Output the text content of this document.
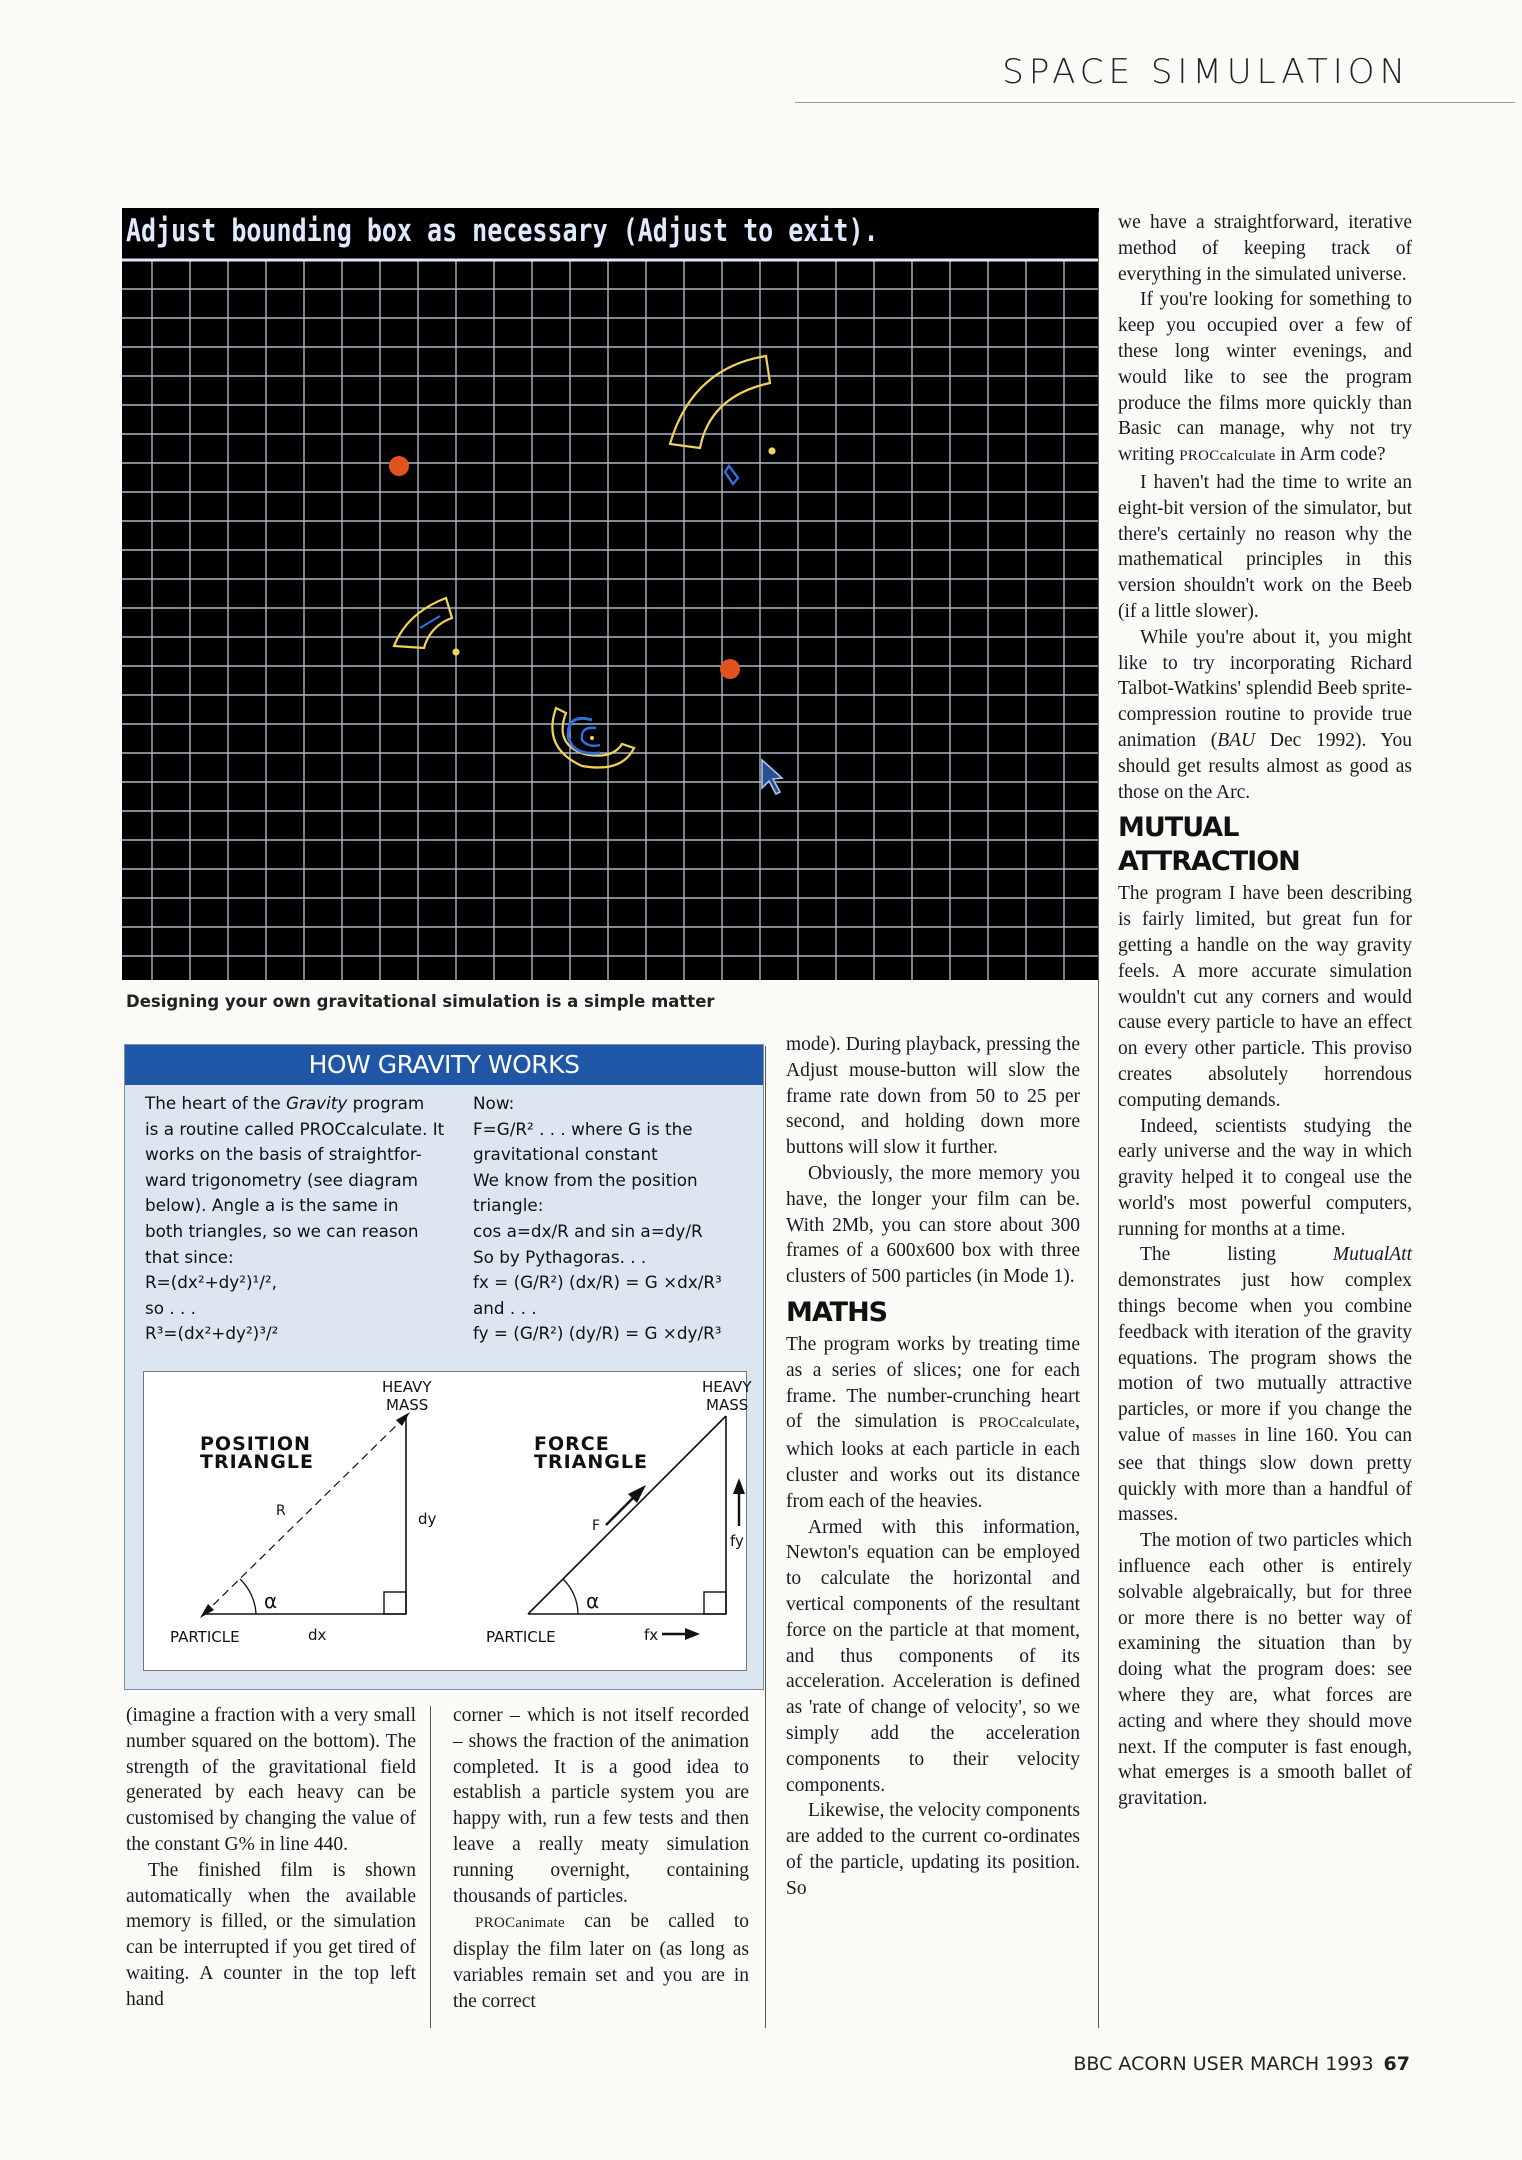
SPACE SIMULATION
Adjust bounding box as necessary (Adjust to exit).
Designing your own gravitational simulation is a simple matter
HOW GRAVITY WORKS
The heart of the Gravity program
is a routine called PROCcalculate. It
works on the basis of straightfor-
ward trigonometry (see diagram
below). Angle a is the same in
both triangles, so we can reason
that since:
R=(dx²+dy²)¹/²,
so . . .
R³=(dx²+dy²)³/²
Now:
F=G/R² . . . where G is the
gravitational constant
We know from the position
triangle:
cos a=dx/R and sin a=dy/R
So by Pythagoras. . .
fx = (G/R²) (dx/R) = G ×dx/R³
and . . .
fy = (G/R²) (dy/R) = G ×dy/R³
POSITION
TRIANGLE
HEAVY
MASS
R	dy
α
PARTICLE	dx
FORCE
TRIANGLE
HEAVY
MASS
F
fy
α
PARTICLE	fx

(imagine a fraction with a very small number squared on the bottom). The strength of the gravitational field generated by each heavy can be customised by changing the value of the constant G% in line 440.

The finished film is shown automatically when the available memory is filled, or the simulation can be interrupted if you get tired of waiting. A counter in the top left hand

corner – which is not itself recorded – shows the fraction of the animation completed. It is a good idea to establish a particle system you are happy with, run a few tests and then leave a really meaty simulation running overnight, containing thousands of particles.

PROCanimate can be called to display the film later on (as long as variables remain set and you are in the correct

mode). During playback, pressing the Adjust mouse-button will slow the frame rate down from 50 to 25 per second, and holding down more buttons will slow it further.

Obviously, the more memory you have, the longer your film can be. With 2Mb, you can store about 300 frames of a 600x600 box with three clusters of 500 particles (in Mode 1).

MATHS

The program works by treating time as a series of slices; one for each frame. The number-crunching heart of the simulation is PROCcalculate, which looks at each particle in each cluster and works out its distance from each of the heavies.

Armed with this information, Newton's equation can be employed to calculate the horizontal and vertical components of the resultant force on the particle at that moment, and thus components of its acceleration. Acceleration is defined as 'rate of change of velocity', so we simply add the acceleration components to their velocity components.

Likewise, the velocity components are added to the current co-ordinates of the particle, updating its position. So

we have a straightforward, iterative method of keeping track of everything in the simulated universe.

If you're looking for something to keep you occupied over a few of these long winter evenings, and would like to see the program produce the films more quickly than Basic can manage, why not try writing PROCcalculate in Arm code?

I haven't had the time to write an eight-bit version of the simulator, but there's certainly no reason why the mathematical principles in this version shouldn't work on the Beeb (if a little slower).

While you're about it, you might like to try incorporating Richard Talbot-Watkins' splendid Beeb sprite-compression routine to provide true animation (BAU Dec 1992). You should get results almost as good as those on the Arc.

MUTUAL ATTRACTION

The program I have been describing is fairly limited, but great fun for getting a handle on the way gravity feels. A more accurate simulation wouldn't cut any corners and would cause every particle to have an effect on every other particle. This proviso creates absolutely horrendous computing demands.

Indeed, scientists studying the early universe and the way in which gravity helped it to congeal use the world's most powerful computers, running for months at a time.

The listing MutualAtt demonstrates just how complex things become when you combine feedback with iteration of the gravity equations. The program shows the motion of two mutually attractive particles, or more if you change the value of masses in line 160. You can see that things slow down pretty quickly with more than a handful of masses.

The motion of two particles which influence each other is entirely solvable algebraically, but for three or more there is no better way of examining the situation than by doing what the program does: see where they are, what forces are acting and where they should move next. If the computer is fast enough, what emerges is a smooth ballet of gravitation.

BBC ACORN USER MARCH 1993 67
